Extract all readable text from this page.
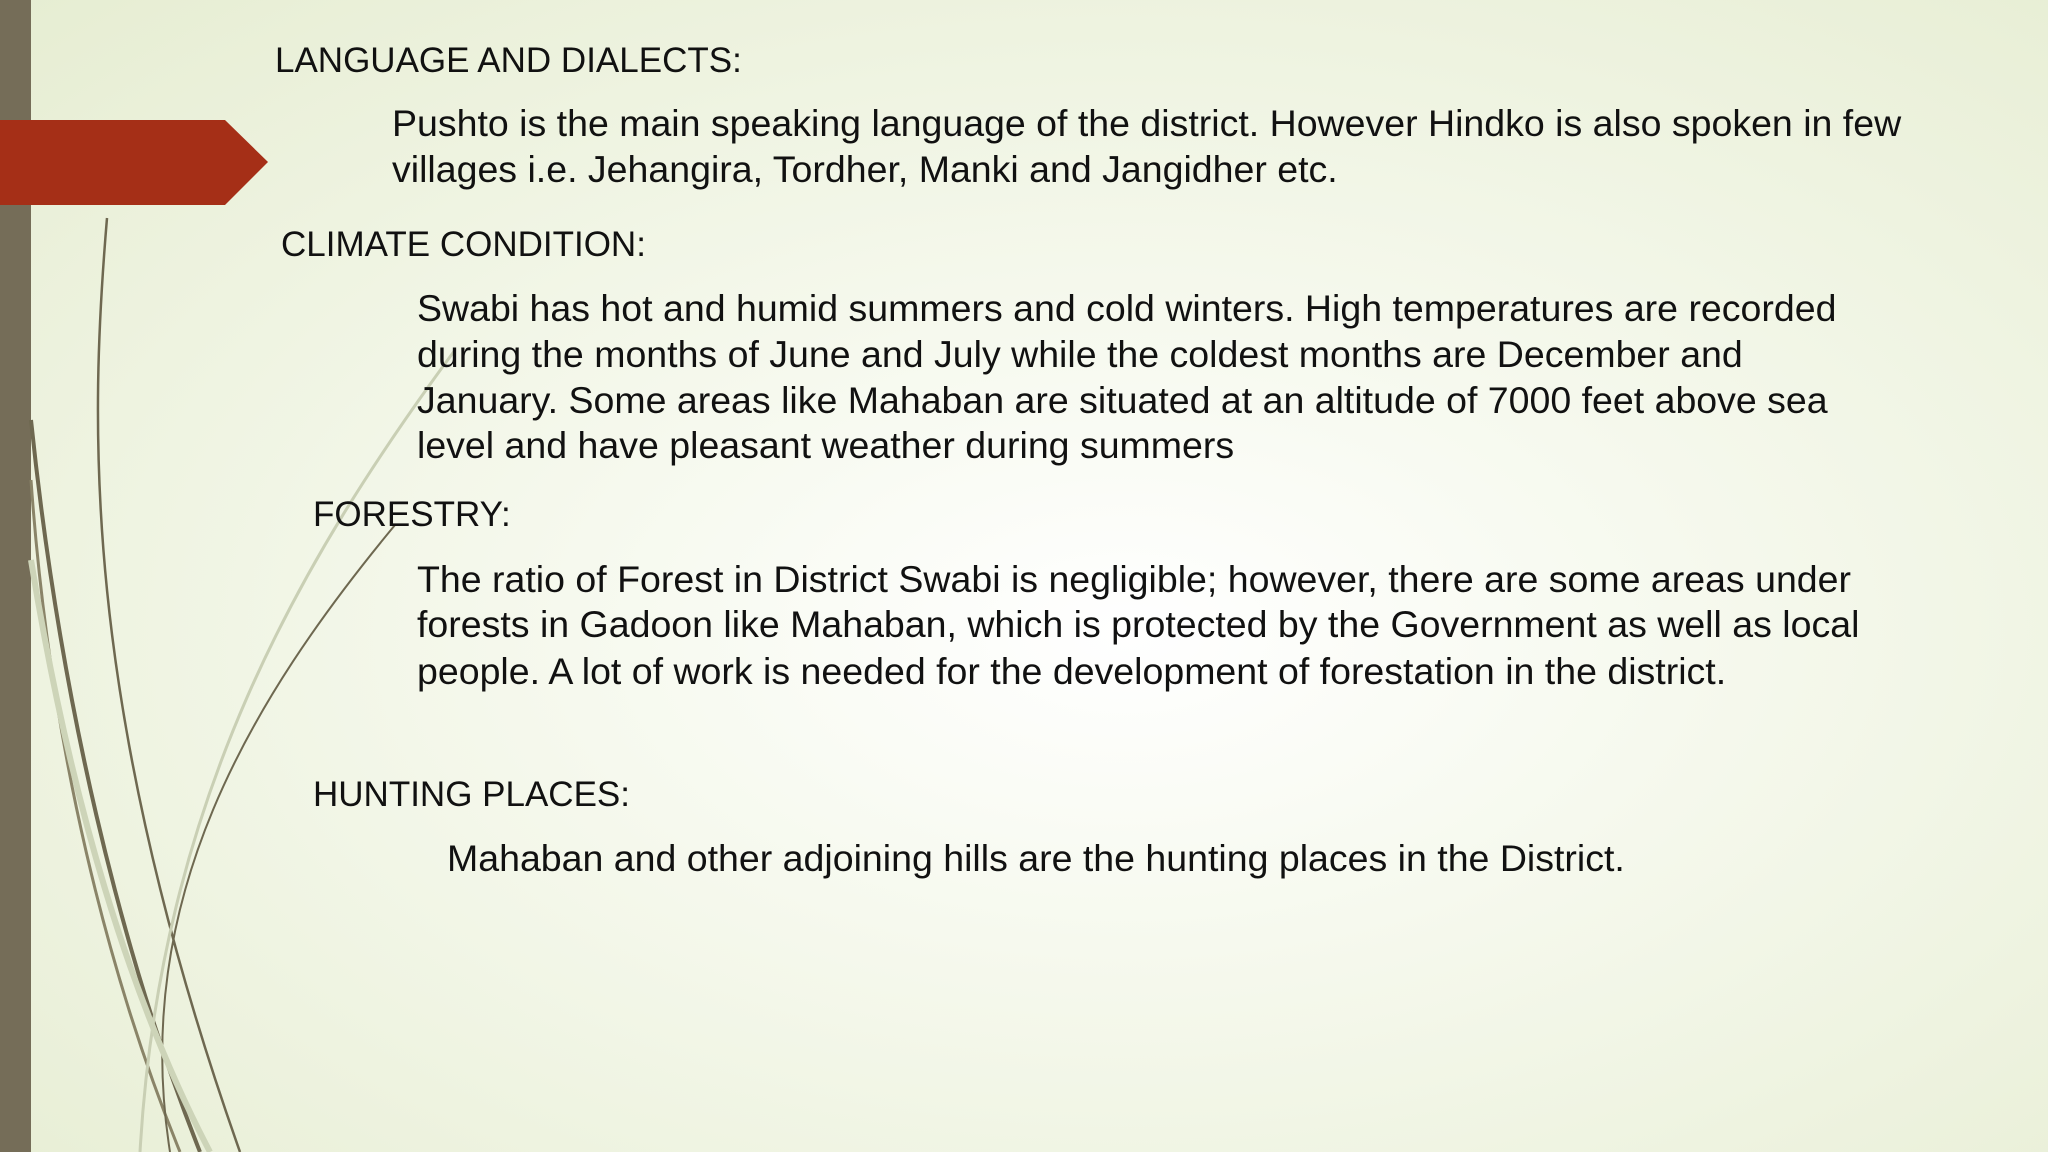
LANGUAGE AND DIALECTS:
Pushto is the main speaking language of the district. However Hindko is also spoken in few
villages i.e. Jehangira, Tordher, Manki and Jangidher etc.
CLIMATE CONDITION:
Swabi has hot and humid summers and cold winters. High temperatures are recorded
during the months of June and July while the coldest months are December and
January. Some areas like Mahaban are situated at an altitude of 7000 feet above sea
level and have pleasant weather during summers
FORESTRY:
The ratio of Forest in District Swabi is negligible; however, there are some areas under
forests in Gadoon like Mahaban, which is protected by the Government as well as local
people. A lot of work is needed for the development of forestation in the district.
HUNTING PLACES:
Mahaban and other adjoining hills are the hunting places in the District.
